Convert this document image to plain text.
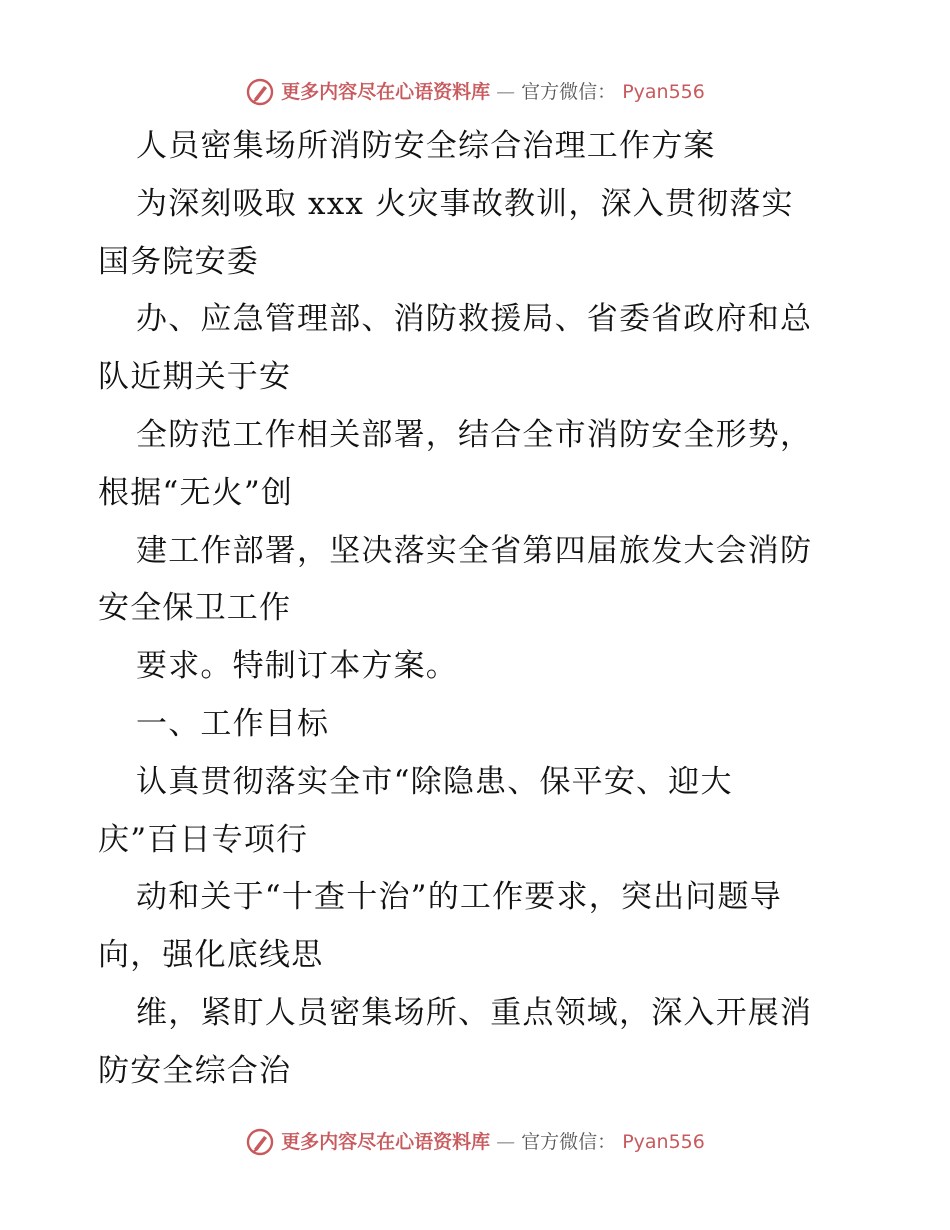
更多内容尽在心语资料库 — 官方微信： Pyan556
人员密集场所消防安全综合治理工作方案
为深刻吸取 xxx 火灾事故教训，深入贯彻落实
国务院安委
办、应急管理部、消防救援局、省委省政府和总
队近期关于安
全防范工作相关部署，结合全市消防安全形势，
根据“无火”创
建工作部署，坚决落实全省第四届旅发大会消防
安全保卫工作
要求。特制订本方案。
一、工作目标
认真贯彻落实全市“除隐患、保平安、迎大
庆”百日专项行
动和关于“十查十治”的工作要求，突出问题导
向，强化底线思
维，紧盯人员密集场所、重点领域，深入开展消
防安全综合治
更多内容尽在心语资料库 — 官方微信： Pyan556
